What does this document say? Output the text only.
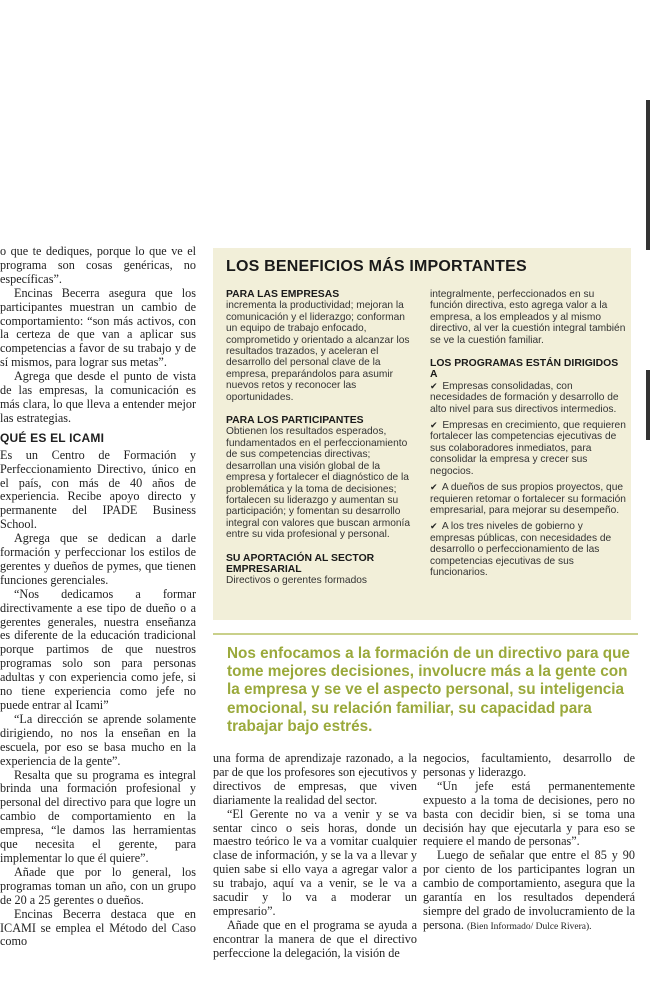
o que te dediques, porque lo que ve el programa son cosas genéricas, no específicas”.

Encinas Becerra asegura que los participantes muestran un cambio de comportamiento: “son más activos, con la certeza de que van a aplicar sus competencias a favor de su trabajo y de sí mismos, para lograr sus metas”.

Agrega que desde el punto de vista de las empresas, la comunicación es más clara, lo que lleva a entender mejor las estrategias.

QUÉ ES EL ICAMI

Es un Centro de Formación y Perfeccionamiento Directivo, único en el país, con más de 40 años de experiencia. Recibe apoyo directo y permanente del IPADE Business School.

Agrega que se dedican a darle formación y perfeccionar los estilos de gerentes y dueños de pymes, que tienen funciones gerenciales.

“Nos dedicamos a formar directivamente a ese tipo de dueño o a gerentes generales, nuestra enseñanza es diferente de la educación tradicional porque partimos de que nuestros programas solo son para personas adultas y con experiencia como jefe, si no tiene experiencia como jefe no puede entrar al Icami”

“La dirección se aprende solamente dirigiendo, no nos la enseñan en la escuela, por eso se basa mucho en la experiencia de la gente”.

Resalta que su programa es integral brinda una formación profesional y personal del directivo para que logre un cambio de comportamiento en la empresa, “le damos las herramientas que necesita el gerente, para implementar lo que él quiere”.

Añade que por lo general, los programas toman un año, con un grupo de 20 a 25 gerentes o dueños.

Encinas Becerra destaca que en ICAMI se emplea el Método del Caso como

LOS BENEFICIOS MÁS IMPORTANTES
PARA LAS EMPRESAS

incrementa la productividad; mejoran la comunicación y el liderazgo; conforman un equipo de trabajo enfocado, comprometido y orientado a alcanzar los resultados trazados, y aceleran el desarrollo del personal clave de la empresa, preparándolos para asumir nuevos retos y reconocer las oportunidades.

PARA LOS PARTICIPANTES

Obtienen los resultados esperados, fundamentados en el perfeccionamiento de sus competencias directivas; desarrollan una visión global de la empresa y fortalecer el diagnóstico de la problemática y la toma de decisiones; fortalecen su liderazgo y aumentan su participación; y fomentan su desarrollo integral con valores que buscan armonía entre su vida profesional y personal.

SU APORTACIÓN AL SECTOR EMPRESARIAL

Directivos o gerentes formados

integralmente, perfeccionados en su función directiva, esto agrega valor a la empresa, a los empleados y al mismo directivo, al ver la cuestión integral también se ve la cuestión familiar.

LOS PROGRAMAS ESTÁN DIRIGIDOS A
✔ Empresas consolidadas, con necesidades de formación y desarrollo de alto nivel para sus directivos intermedios.
✔ Empresas en crecimiento, que requieren fortalecer las competencias ejecutivas de sus colaboradores inmediatos, para consolidar la empresa y crecer sus negocios.
✔ A dueños de sus propios proyectos, que requieren retomar o fortalecer su formación empresarial, para mejorar su desempeño.
✔ A los tres niveles de gobierno y empresas públicas, con necesidades de desarrollo o perfeccionamiento de las competencias ejecutivas de sus funcionarios.
Nos enfocamos a la formación de un directivo para que tome mejores decisiones, involucre más a la gente con la empresa y se ve el aspecto personal, su inteligencia emocional, su relación familiar, su capacidad para trabajar bajo estrés.

una forma de aprendizaje razonado, a la par de que los profesores son ejecutivos y directivos de empresas, que viven diariamente la realidad del sector.

“El Gerente no va a venir y se va sentar cinco o seis horas, donde un maestro teórico le va a vomitar cualquier clase de información, y se la va a llevar y quien sabe si ello vaya a agregar valor a su trabajo, aquí va a venir, se le va a sacudir y lo va a moderar un empresario”.

Añade que en el programa se ayuda a encontrar la manera de que el directivo perfeccione la delegación, la visión de

negocios, facultamiento, desarrollo de personas y liderazgo.

“Un jefe está permanentemente expuesto a la toma de decisiones, pero no basta con decidir bien, si se toma una decisión hay que ejecutarla y para eso se requiere el mando de personas”.

Luego de señalar que entre el 85 y 90 por ciento de los participantes logran un cambio de comportamiento, asegura que la garantía en los resultados dependerá siempre del grado de involucramiento de la persona. (Bien Informado/ Dulce Rivera).
